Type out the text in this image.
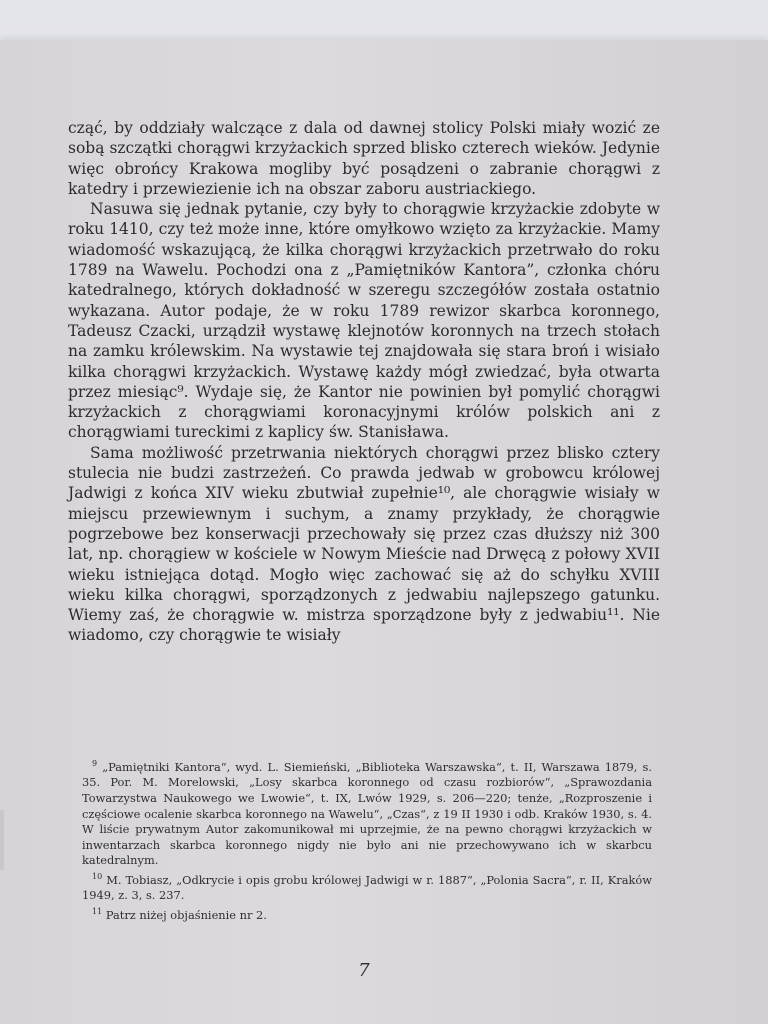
cząć, by oddziały walczące z dala od dawnej stolicy Polski miały wozić ze sobą szczątki chorągwi krzyżackich sprzed blisko czterech wieków. Jedynie więc obrońcy Krakowa mogliby być posądzeni o zabranie chorągwi z katedry i przewiezienie ich na obszar zaboru austriackiego.

Nasuwa się jednak pytanie, czy były to chorągwie krzyżackie zdobyte w roku 1410, czy też może inne, które omyłkowo wzięto za krzyżackie. Mamy wiadomość wskazującą, że kilka chorągwi krzyżackich przetrwało do roku 1789 na Wawelu. Pochodzi ona z „Pamiętników Kantora”, członka chóru katedralnego, których dokładność w szeregu szczegółów została ostatnio wykazana. Autor podaje, że w roku 1789 rewizor skarbca koronnego, Tadeusz Czacki, urządził wystawę klejnotów koronnych na trzech stołach na zamku królewskim. Na wystawie tej znajdowała się stara broń i wisiało kilka chorągwi krzyżackich. Wystawę każdy mógł zwiedzać, była otwarta przez miesiąc⁹. Wydaje się, że Kantor nie powinien był pomylić chorągwi krzyżackich z chorągwiami koronacyjnymi królów polskich ani z chorągwiami tureckimi z kaplicy św. Stanisława.

Sama możliwość przetrwania niektórych chorągwi przez blisko cztery stulecia nie budzi zastrzeżeń. Co prawda jedwab w grobowcu królowej Jadwigi z końca XIV wieku zbutwiał zupełnie¹⁰, ale chorągwie wisiały w miejscu przewiewnym i suchym, a znamy przykłady, że chorągwie pogrzebowe bez konserwacji przechowały się przez czas dłuższy niż 300 lat, np. chorągiew w kościele w Nowym Mieście nad Drwęcą z połowy XVII wieku istniejąca dotąd. Mogło więc zachować się aż do schyłku XVIII wieku kilka chorągwi, sporządzonych z jedwabiu najlepszego gatunku. Wiemy zaś, że chorągwie w. mistrza sporządzone były z jedwabiu¹¹. Nie wiadomo, czy chorągwie te wisiały

$^9$ „Pamiętniki Kantora“, wyd. L. Siemieński, „Biblioteka Warszawska“, t. II, Warszawa 1879, s. 35. Por. M. Morelowski, „Losy skarbca koronnego od czasu rozbiorów“, „Sprawozdania Towarzystwa Naukowego we Lwowie“, t. IX, Lwów 1929, s. 206—220; tenże, „Rozproszenie i częściowe ocalenie skarbca koronnego na Wawelu“, „Czas“, z 19 II 1930 i odb. Kraków 1930, s. 4. W liście prywatnym Autor zakomunikował mi uprzejmie, że na pewno chorągwi krzyżackich w inwentarzach skarbca koronnego nigdy nie było ani nie przechowywano ich w skarbcu katedralnym.

$^{10}$ M. Tobiasz, „Odkrycie i opis grobu królowej Jadwigi w r. 1887“, „Polonia Sacra“, r. II, Kraków 1949, z. 3, s. 237.

$^{11}$ Patrz niżej objaśnienie nr 2.

7
